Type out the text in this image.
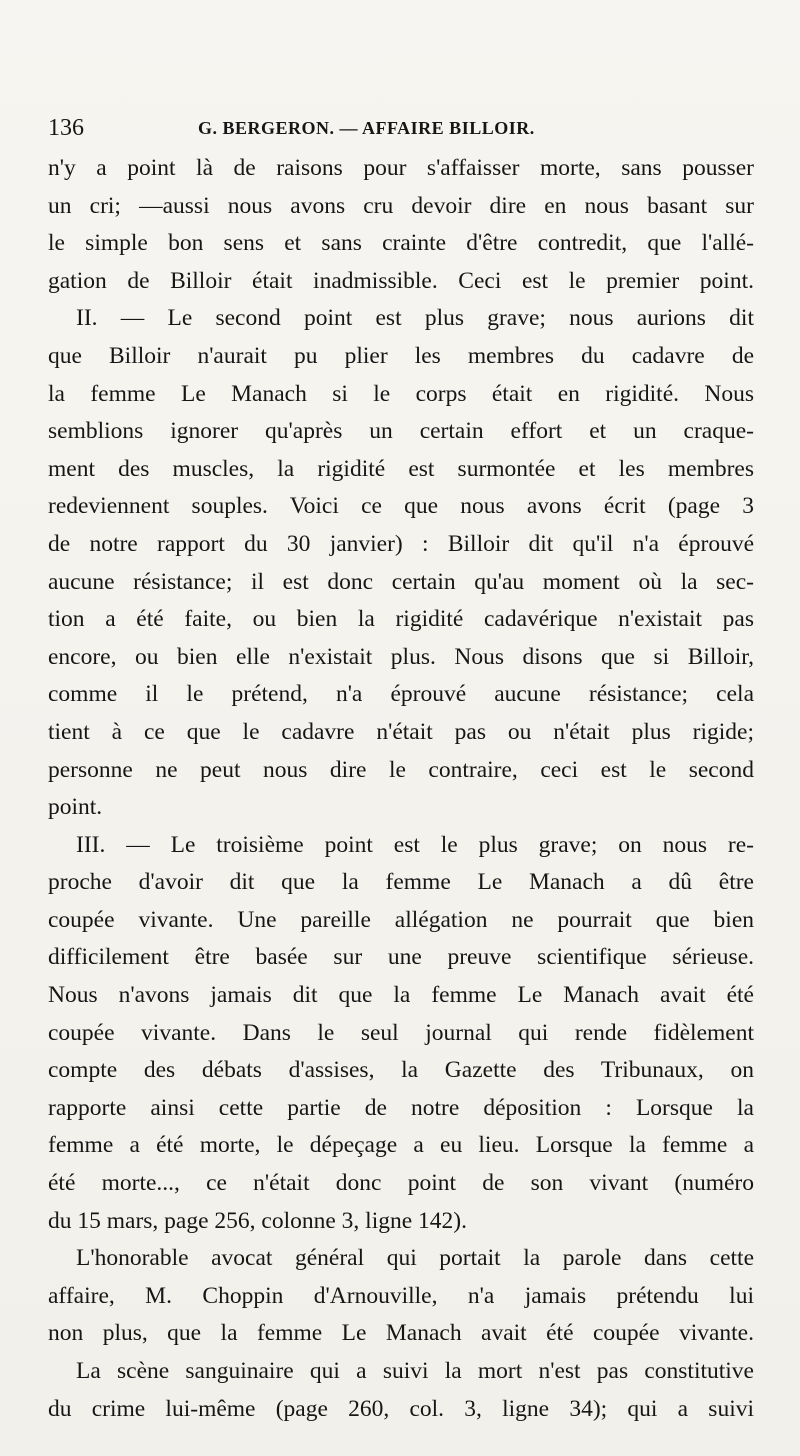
136	G. BERGERON. — AFFAIRE BILLOIR.
n'y a point là de raisons pour s'affaisser morte, sans pousser
un cri; —aussi nous avons cru devoir dire en nous basant sur
le simple bon sens et sans crainte d'être contredit, que l'allé-
gation de Billoir était inadmissible. Ceci est le premier point.
II. — Le second point est plus grave; nous aurions dit
que Billoir n'aurait pu plier les membres du cadavre de
la femme Le Manach si le corps était en rigidité. Nous
semblions ignorer qu'après un certain effort et un craque-
ment des muscles, la rigidité est surmontée et les membres
redeviennent souples. Voici ce que nous avons écrit (page 3
de notre rapport du 30 janvier) : Billoir dit qu'il n'a éprouvé
aucune résistance; il est donc certain qu'au moment où la sec-
tion a été faite, ou bien la rigidité cadavérique n'existait pas
encore, ou bien elle n'existait plus. Nous disons que si Billoir,
comme il le prétend, n'a éprouvé aucune résistance; cela
tient à ce que le cadavre n'était pas ou n'était plus rigide;
personne ne peut nous dire le contraire, ceci est le second
point.
III. — Le troisième point est le plus grave; on nous re-
proche d'avoir dit que la femme Le Manach a dû être
coupée vivante. Une pareille allégation ne pourrait que bien
difficilement être basée sur une preuve scientifique sérieuse.
Nous n'avons jamais dit que la femme Le Manach avait été
coupée vivante. Dans le seul journal qui rende fidèlement
compte des débats d'assises, la Gazette des Tribunaux, on
rapporte ainsi cette partie de notre déposition : Lorsque la
femme a été morte, le dépeçage a eu lieu. Lorsque la femme a
été morte..., ce n'était donc point de son vivant (numéro
du 15 mars, page 256, colonne 3, ligne 142).
L'honorable avocat général qui portait la parole dans cette
affaire, M. Choppin d'Arnouville, n'a jamais prétendu lui
non plus, que la femme Le Manach avait été coupée vivante.
La scène sanguinaire qui a suivi la mort n'est pas constitutive
du crime lui-même (page 260, col. 3, ligne 34); qui a suivi
